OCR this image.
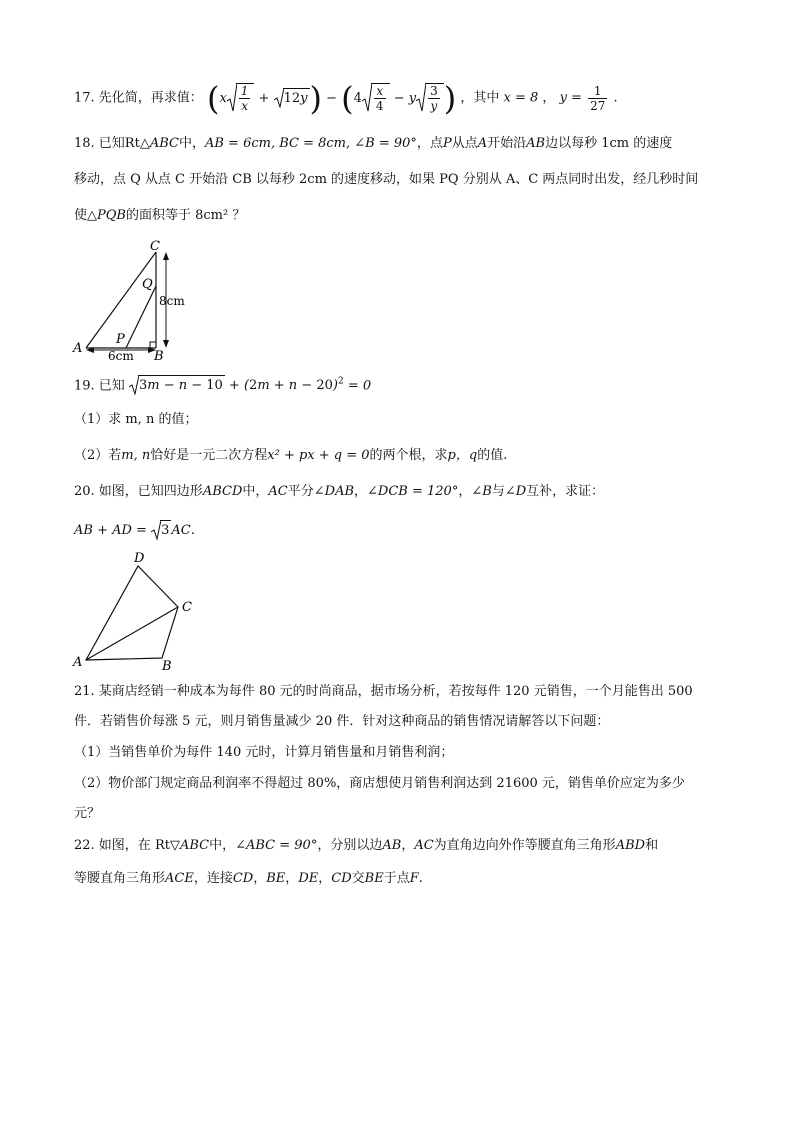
17. 先化简，再求值： ($x \frac{1}{x}$ +
$12y) - (4 \frac{x}{4} - y \frac{3}{y}$ ) ，其中 x = 8 ， $y = \frac{1}{27}$ .
18. 已知Rt△ABC中，AB = 6cm, BC = 8cm, ∠B = 90°，点P从点A开始沿AB边以每秒 1cm 的速度
移动，点 Q 从点 C 开始沿 CB 以每秒 2cm 的速度移动，如果 PQ 分别从 A、C 两点同时出发，经几秒时间
使△PQB的面积等于 8cm² ？
C
Q
A
P
B
8cm
6cm
19. 已知 $3m - n - 10 + (2m + n - 20)^2 = 0$
（1）求 m, n 的值；
（2）若m, n恰好是一元二次方程x² + px + q = 0的两个根，求p，q的值.
20. 如图，已知四边形ABCD中，AC平分∠DAB，∠DCB = 120°，∠B与∠D互补，求证：
AB + AD = 3 AC.
D
C
A	B
21. 某商店经销一种成本为每件 80 元的时尚商品，据市场分析，若按每件 120 元销售，一个月能售出 500
件．若销售价每涨 5 元，则月销售量减少 20 件．针对这种商品的销售情况请解答以下问题：
（1）当销售单价为每件 140 元时，计算月销售量和月销售利润；
（2）物价部门规定商品利润率不得超过 80%，商店想使月销售利润达到 21600 元，销售单价应定为多少
元？
22. 如图，在 Rt▽ABC中，∠ABC = 90°，分别以边AB，AC为直角边向外作等腰直角三角形ABD和
等腰直角三角形ACE，连接CD，BE，DE，CD交BE于点F.
